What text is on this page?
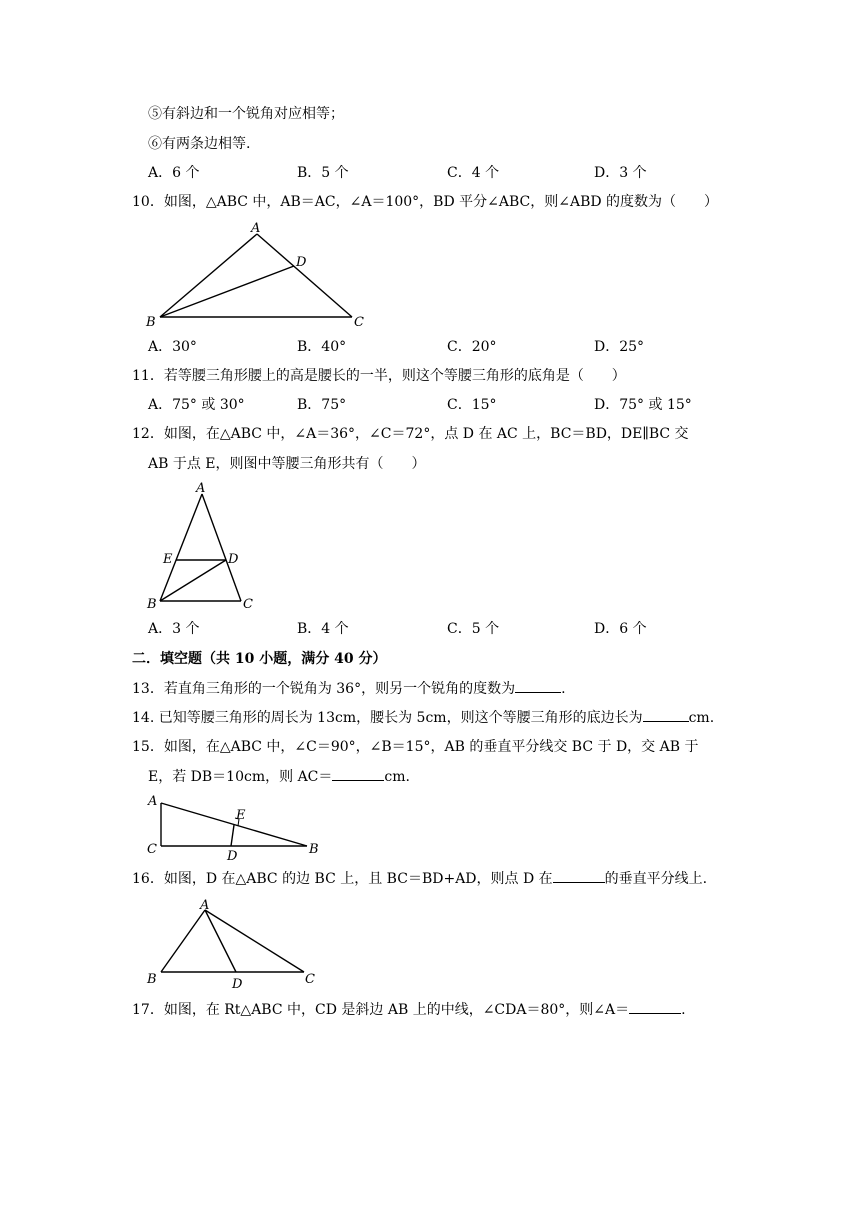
⑤有斜边和一个锐角对应相等；
⑥有两条边相等.
A．6 个	B．5 个	C．4 个	D．3 个
10．如图，△ABC 中，AB＝AC，∠A＝100°，BD 平分∠ABC，则∠ABD 的度数为（　　）
A
B	C
D
A．30°	B．40°	C．20°	D．25°
11．若等腰三角形腰上的高是腰长的一半，则这个等腰三角形的底角是（　　）
A．75° 或 30°	B．75°	C．15°	D．75° 或 15°
12．如图，在△ABC 中，∠A＝36°，∠C＝72°，点 D 在 AC 上，BC＝BD，DE∥BC 交
AB 于点 E，则图中等腰三角形共有（　　）
A
B	C
D
E
A．3 个	B．4 个	C．5 个	D．6 个
二．填空题（共 10 小题，满分 40 分）
13．若直角三角形的一个锐角为 36°，则另一个锐角的度数为	.
14. 已知等腰三角形的周长为 13cm，腰长为 5cm，则这个等腰三角形的底边长为	cm.
15．如图，在△ABC 中，∠C＝90°，∠B＝15°，AB 的垂直平分线交 BC 于 D，交 AB 于
E，若 DB＝10cm，则 AC＝	cm.
A
B
C	D
E
16．如图，D 在△ABC 的边 BC 上，且 BC＝BD+AD，则点 D 在	的垂直平分线上.
A
B	C
D
17．如图，在 Rt△ABC 中，CD 是斜边 AB 上的中线，∠CDA＝80°，则∠A＝	.
